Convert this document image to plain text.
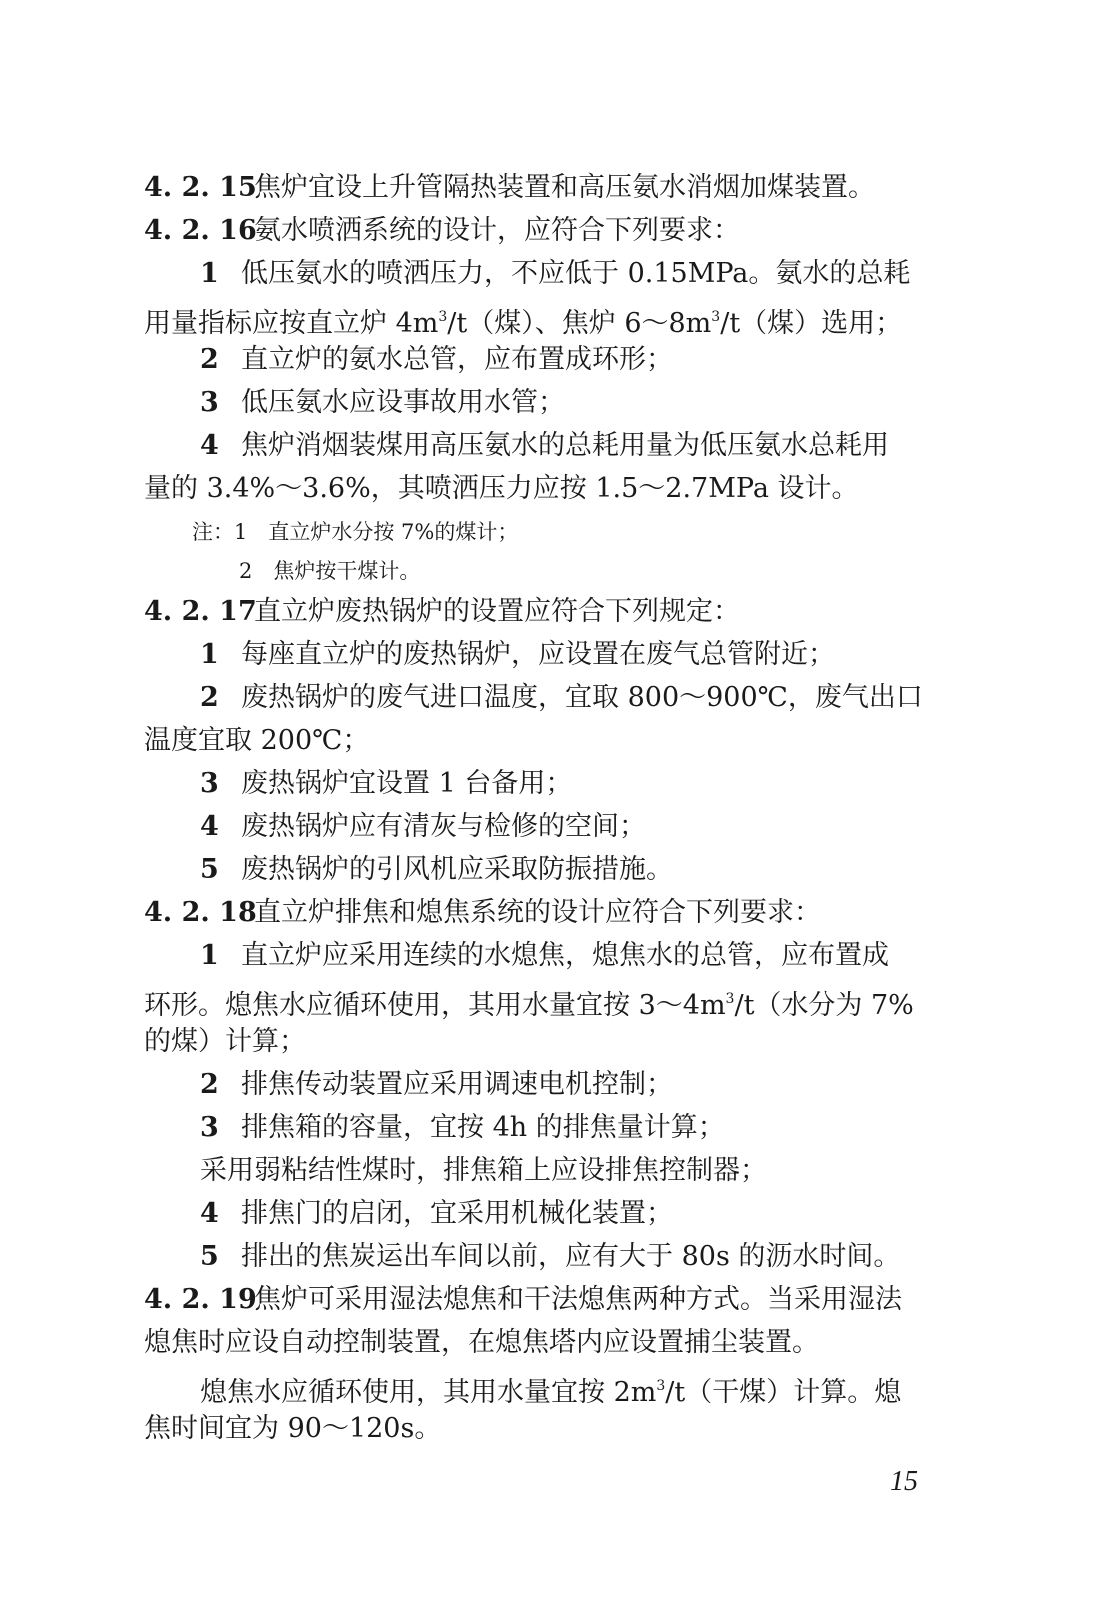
4. 2. 15焦炉宜设上升管隔热装置和高压氨水消烟加煤装置。
4. 2. 16氨水喷洒系统的设计，应符合下列要求：
1 低压氨水的喷洒压力，不应低于 0.15MPa。氨水的总耗
用量指标应按直立炉 $4m^3/t$（煤）、焦炉 $6\sim 8m^3/t$（煤）选用；
2 直立炉的氨水总管，应布置成环形；
3 低压氨水应设事故用水管；
4 焦炉消烟装煤用高压氨水的总耗用量为低压氨水总耗用
量的 3.4%～3.6%，其喷洒压力应按 1.5～2.7MPa 设计。
注：1　直立炉水分按 7%的煤计；
2　焦炉按干煤计。
4. 2. 17直立炉废热锅炉的设置应符合下列规定：
1 每座直立炉的废热锅炉，应设置在废气总管附近；
2 废热锅炉的废气进口温度，宜取 800～900℃，废气出口
温度宜取 200℃；
3 废热锅炉宜设置 1 台备用；
4 废热锅炉应有清灰与检修的空间；
5 废热锅炉的引风机应采取防振措施。
4. 2. 18直立炉排焦和熄焦系统的设计应符合下列要求：
1 直立炉应采用连续的水熄焦，熄焦水的总管，应布置成
环形。熄焦水应循环使用，其用水量宜按 $3\sim 4m^3/t$（水分为 7%
的煤）计算；
2 排焦传动装置应采用调速电机控制；
3 排焦箱的容量，宜按 4h 的排焦量计算；
采用弱粘结性煤时，排焦箱上应设排焦控制器；
4 排焦门的启闭，宜采用机械化装置；
5 排出的焦炭运出车间以前，应有大于 80s 的沥水时间。
4. 2. 19焦炉可采用湿法熄焦和干法熄焦两种方式。当采用湿法
熄焦时应设自动控制装置，在熄焦塔内应设置捕尘装置。
熄焦水应循环使用，其用水量宜按 $2m^3/t$（干煤）计算。熄
焦时间宜为 90～120s。
15
